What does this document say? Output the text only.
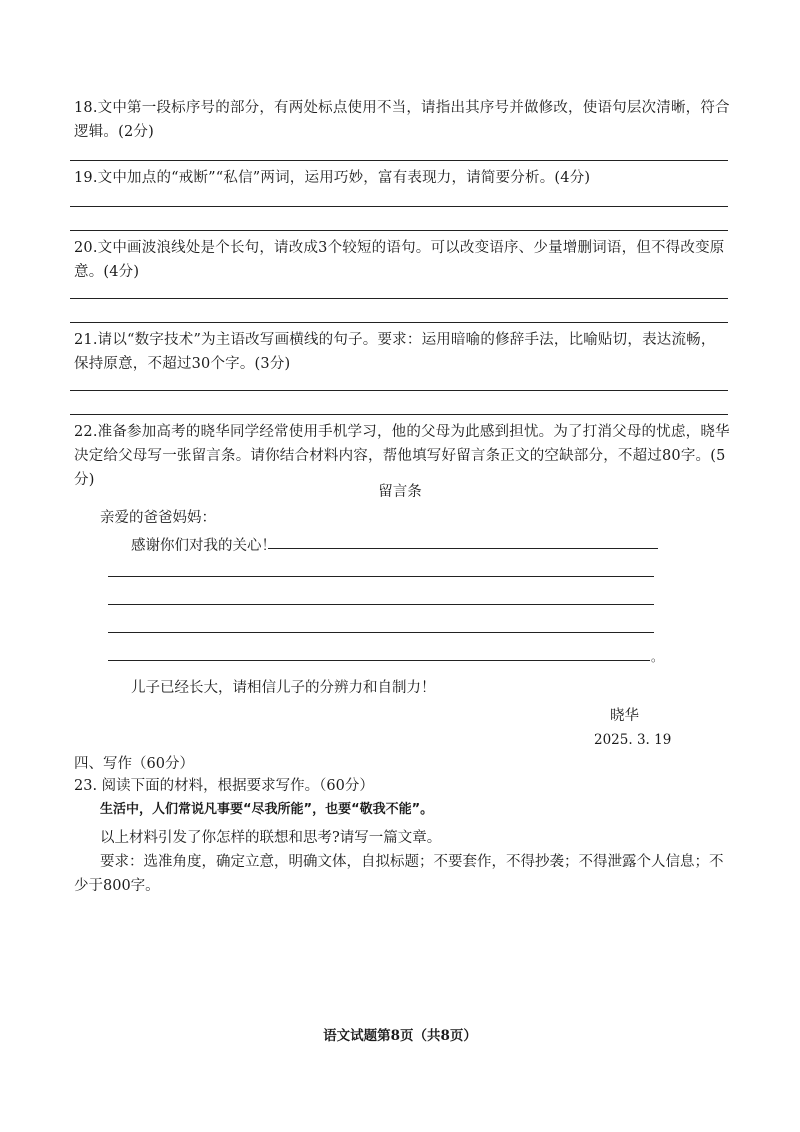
18.文中第一段标序号的部分，有两处标点使用不当，请指出其序号并做修改，使语句层次清晰，符合逻辑。(2分)
19.文中加点的“戒断”“私信”两词，运用巧妙，富有表现力，请简要分析。(4分)
20.文中画波浪线处是个长句，请改成3个较短的语句。可以改变语序、少量增删词语，但不得改变原意。(4分)
21.请以“数字技术”为主语改写画横线的句子。要求：运用暗喻的修辞手法，比喻贴切，表达流畅，保持原意，不超过30个字。(3分)
22.准备参加高考的晓华同学经常使用手机学习，他的父母为此感到担忧。为了打消父母的忧虑，晓华决定给父母写一张留言条。请你结合材料内容，帮他填写好留言条正文的空缺部分，不超过80字。(5分)
留言条
亲爱的爸爸妈妈：
感谢你们对我的关心！
。
儿子已经长大，请相信儿子的分辨力和自制力！
晓华
2025. 3. 19
四、写作（60分）
23. 阅读下面的材料，根据要求写作。（60分）
生活中，人们常说凡事要“尽我所能”，也要“敬我不能”。
以上材料引发了你怎样的联想和思考?请写一篇文章。
要求：选准角度，确定立意，明确文体，自拟标题；不要套作，不得抄袭；不得泄露个人信息；不少于800字。
语文试题第8页（共8页）
